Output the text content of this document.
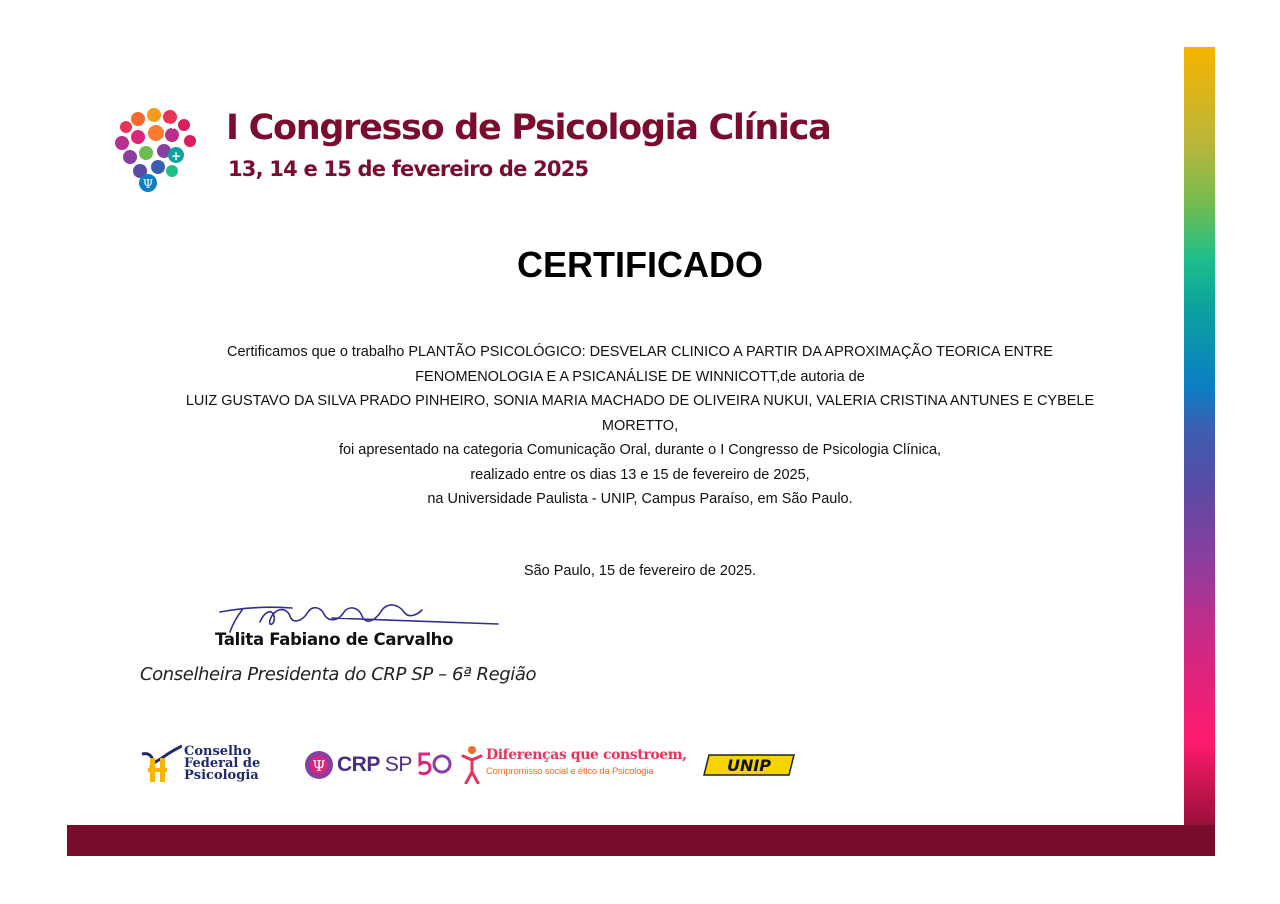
Ψ
+
I Congresso de Psicologia Clínica

13, 14 e 15 de fevereiro de 2025

CERTIFICADO

Certificamos que o trabalho PLANTÃO PSICOLÓGICO: DESVELAR CLINICO A PARTIR DA APROXIMAÇÃO TEORICA ENTRE FENOMENOLOGIA E A PSICANÁLISE DE WINNICOTT,de autoria de

LUIZ GUSTAVO DA SILVA PRADO PINHEIRO, SONIA MARIA MACHADO DE OLIVEIRA NUKUI, VALERIA CRISTINA ANTUNES E CYBELE MORETTO,

foi apresentado na categoria Comunicação Oral, durante o I Congresso de Psicologia Clínica,

realizado entre os dias 13 e 15 de fevereiro de 2025,

na Universidade Paulista - UNIP, Campus Paraíso, em São Paulo.

São Paulo, 15 de fevereiro de 2025.

Talita Fabiano de Carvalho

Conselheira Presidenta do CRP SP – 6ª Região

Conselho
Federal de
Psicologia
Ψ CRP SP	Diferenças que constroem,
Compromisso social e ético da Psicologia	UNIP
